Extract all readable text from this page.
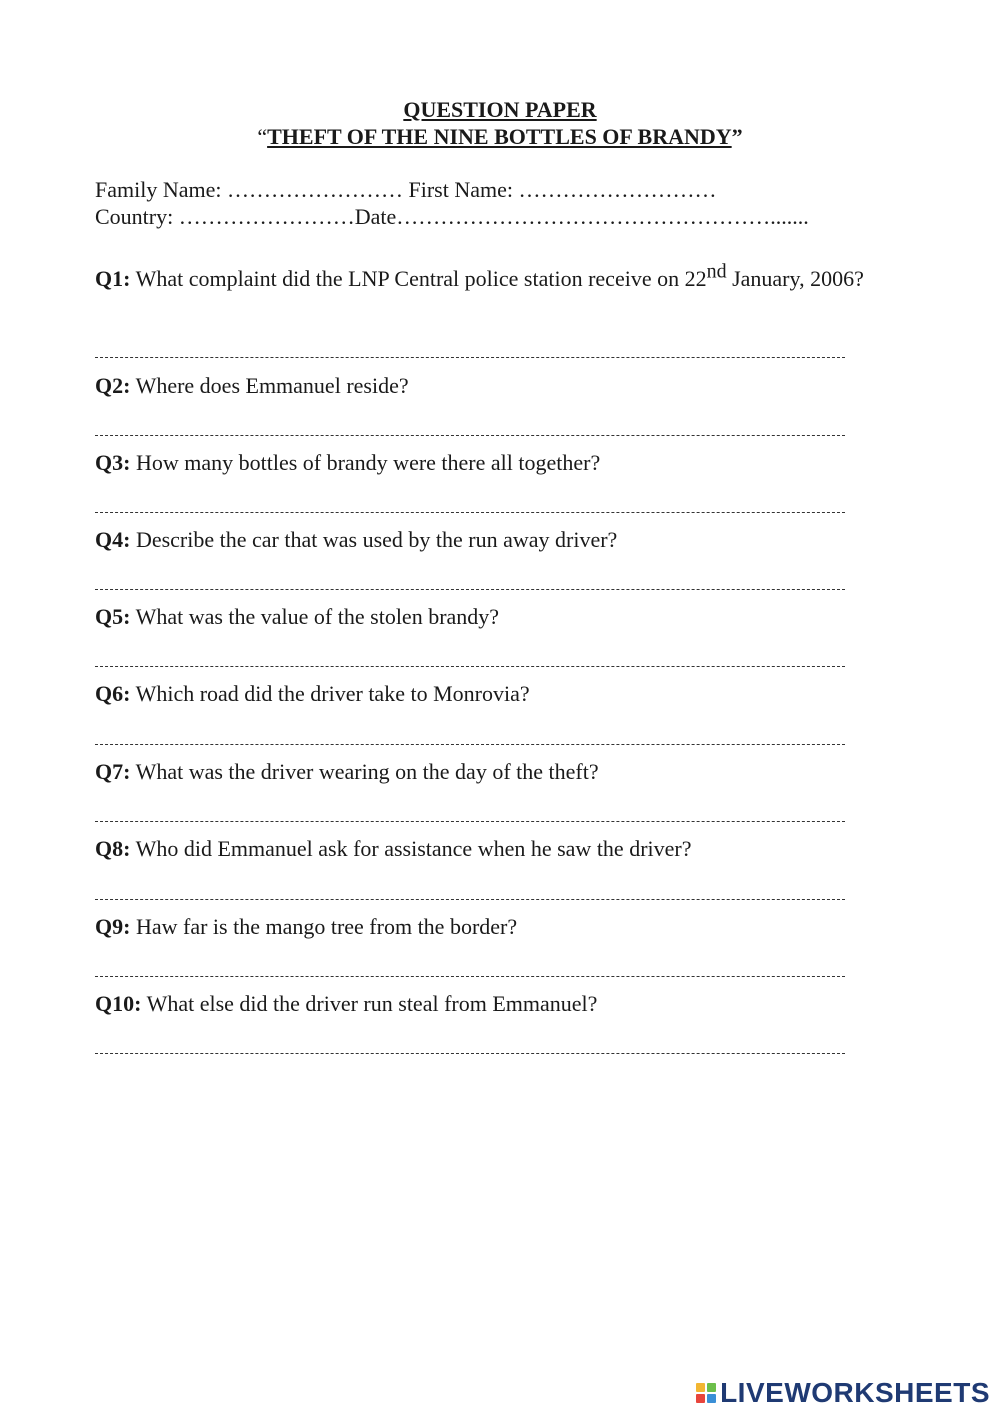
QUESTION PAPER
“THEFT OF THE NINE BOTTLES OF BRANDY”
Family Name: …………………… First Name: ………………………
Country: ……………………Date…………………………………………….......
Q1: What complaint did the LNP Central police station receive on 22nd January, 2006?
Q2: Where does Emmanuel reside?
Q3: How many bottles of brandy were there all together?
Q4: Describe the car that was used by the run away driver?
Q5: What was the value of the stolen brandy?
Q6: Which road did the driver take to Monrovia?
Q7: What was the driver wearing on the day of the theft?
Q8: Who did Emmanuel ask for assistance when he saw the driver?
Q9: Haw far is the mango tree from the border?
Q10: What else did the driver run steal from Emmanuel?
LIVEWORKSHEETS
